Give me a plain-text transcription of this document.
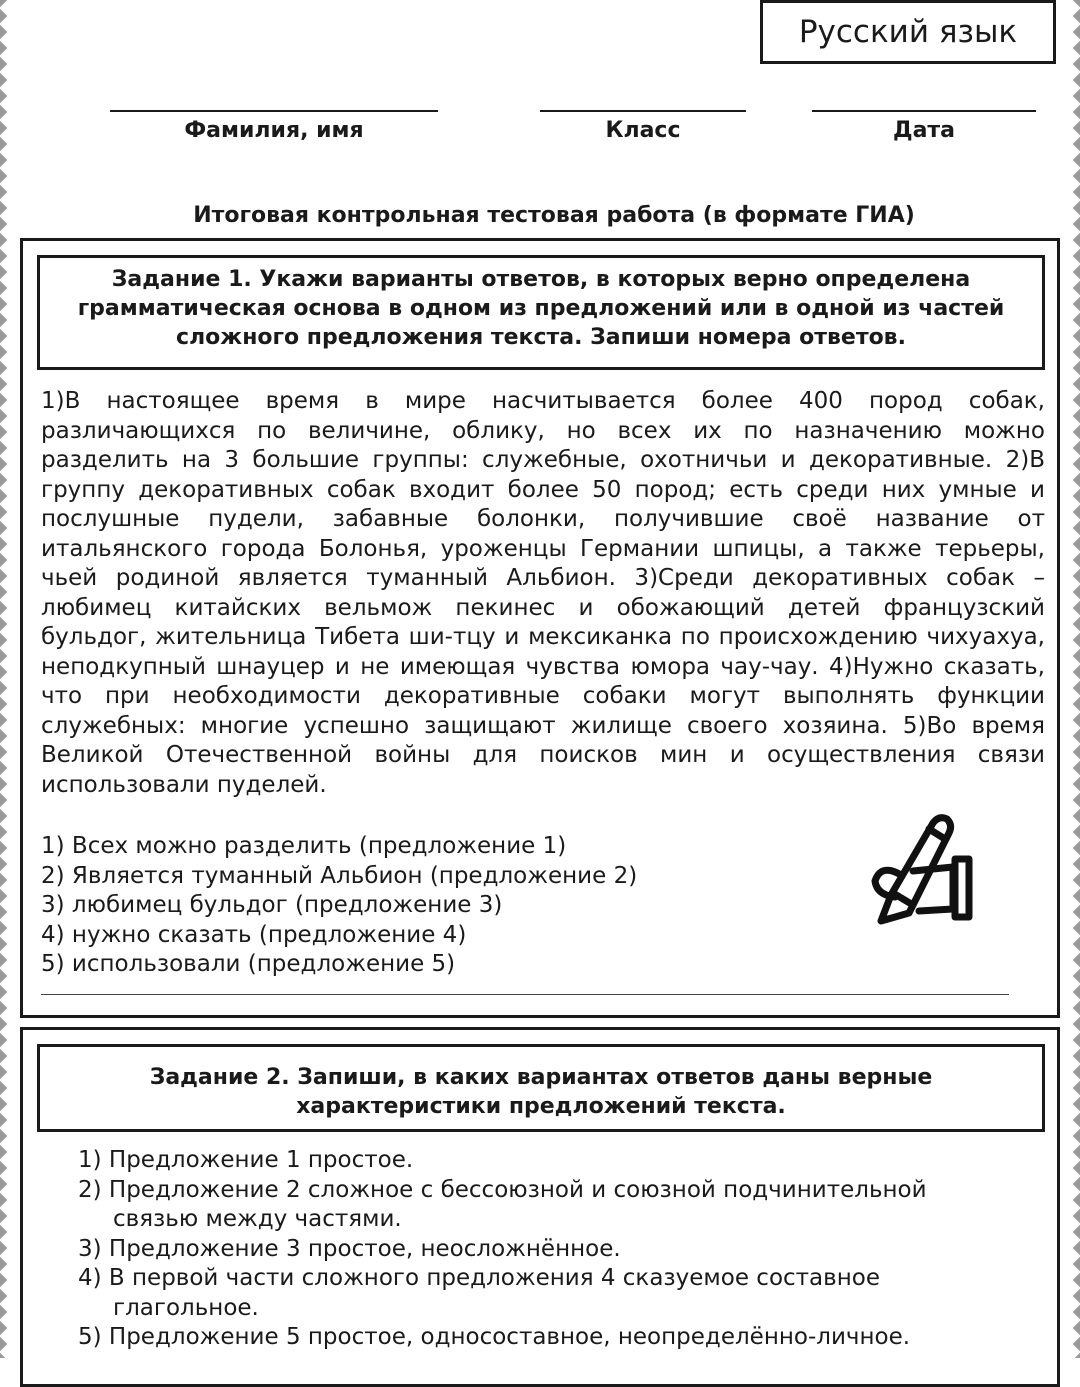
Русский язык
Фамилия, имя	Класс	Дата
Итоговая контрольная тестовая работа (в формате ГИА)
Задание 1. Укажи варианты ответов, в которых верно определена грамматическая основа в одном из предложений или в одной из частей сложного предложения текста. Запиши номера ответов.
1)В настоящее время в мире насчитывается более 400 пород собак, различающихся по величине, облику, но всех их по назначению можно разделить на 3 большие группы: служебные, охотничьи и декоративные. 2)В группу декоративных собак входит более 50 пород; есть среди них умные и послушные пудели, забавные болонки, получившие своё название от итальянского города Болонья, уроженцы Германии шпицы, а также терьеры, чьей родиной является туманный Альбион. 3)Среди декоративных собак – любимец китайских вельмож пекинес и обожающий детей французский бульдог, жительница Тибета ши-тцу и мексиканка по происхождению чихуахуа, неподкупный шнауцер и не имеющая чувства юмора чау-чау. 4)Нужно сказать, что при необходимости декоративные собаки могут выполнять функции служебных: многие успешно защищают жилище своего хозяина. 5)Во время Великой Отечественной войны для поисков мин и осуществления связи использовали пуделей.
1) Всех можно разделить (предложение 1)
2) Является туманный Альбион (предложение 2)
3) любимец бульдог (предложение 3)
4) нужно сказать (предложение 4)
5) использовали (предложение 5)
Задание 2. Запиши, в каких вариантах ответов даны верные характеристики предложений текста.
1) Предложение 1 простое.
2) Предложение 2 сложное с бессоюзной и союзной подчинительной связью между частями.
3) Предложение 3 простое, неосложнённое.
4) В первой части сложного предложения 4 сказуемое составное глагольное.
5) Предложение 5 простое, односоставное, неопределённо-личное.
